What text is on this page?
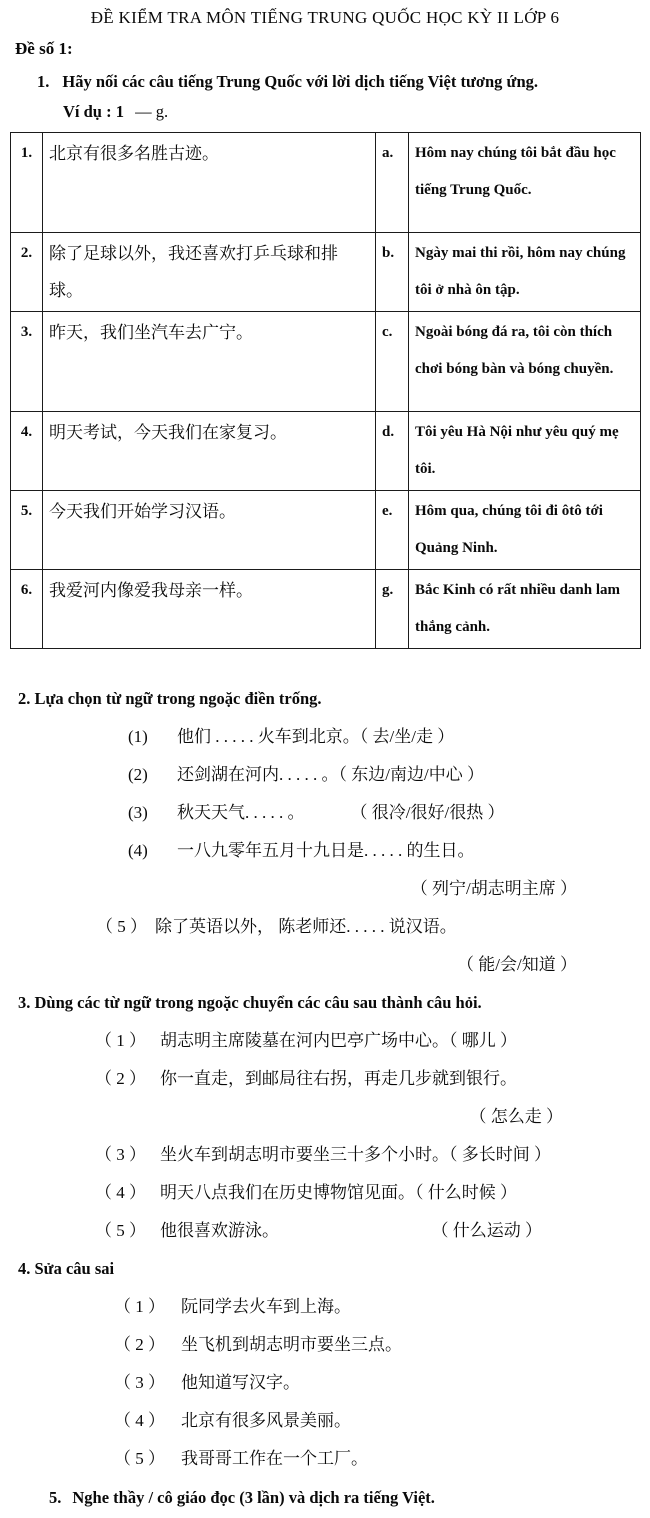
ĐỀ KIỂM TRA MÔN TIẾNG TRUNG QUỐC HỌC KỲ II LỚP 6
Đề số 1:
1. Hãy nối các câu tiếng Trung Quốc với lời dịch tiếng Việt tương ứng.
Ví dụ : 1 — g.
1.	北京有很多名胜古迹。	a.	Hôm nay chúng tôi bắt đầu học tiếng Trung Quốc.
2.	除了足球以外，我还喜欢打乒乓球和排球。	b.	Ngày mai thi rồi, hôm nay chúng tôi ở nhà ôn tập.
3.	昨天，我们坐汽车去广宁。	c.	Ngoài bóng đá ra, tôi còn thích chơi bóng bàn và bóng chuyền.
4.	明天考试，今天我们在家复习。	d.	Tôi yêu Hà Nội như yêu quý mẹ tôi.
5.	今天我们开始学习汉语。	e.	Hôm qua, chúng tôi đi ôtô tới Quảng Ninh.
6.	我爱河内像爱我母亲一样。	g.	Bắc Kinh có rất nhiều danh lam thắng cảnh.
2. Lựa chọn từ ngữ trong ngoặc điền trống.
(1)	他们 . . . . . 火车到北京。（ 去/坐/走 ）
(2)	还剑湖在河内. . . . . 。（ 东边/南边/中心 ）
(3)	秋天天气. . . . . 。	（ 很冷/很好/很热 ）
(4)	一八九零年五月十九日是. . . . . 的生日。
（ 列宁/胡志明主席 ）
（ 5 ） 除了英语以外， 陈老师还. . . . . 说汉语。
（ 能/会/知道 ）
3. Dùng các từ ngữ trong ngoặc chuyển các câu sau thành câu hỏi.
（ 1 ） 胡志明主席陵墓在河内巴亭广场中心。（ 哪儿 ）
（ 2 ） 你一直走，到邮局往右拐，再走几步就到银行。
（ 怎么走 ）
（ 3 ） 坐火车到胡志明市要坐三十多个小时。（ 多长时间 ）
（ 4 ） 明天八点我们在历史博物馆见面。（ 什么时候 ）
（ 5 ） 他很喜欢游泳。	（ 什么运动 ）
4. Sửa câu sai
（ 1 ） 阮同学去火车到上海。
（ 2 ） 坐飞机到胡志明市要坐三点。
（ 3 ） 他知道写汉字。
（ 4 ） 北京有很多风景美丽。
（ 5 ） 我哥哥工作在一个工厂。
5. Nghe thầy / cô giáo đọc (3 lần) và dịch ra tiếng Việt.
